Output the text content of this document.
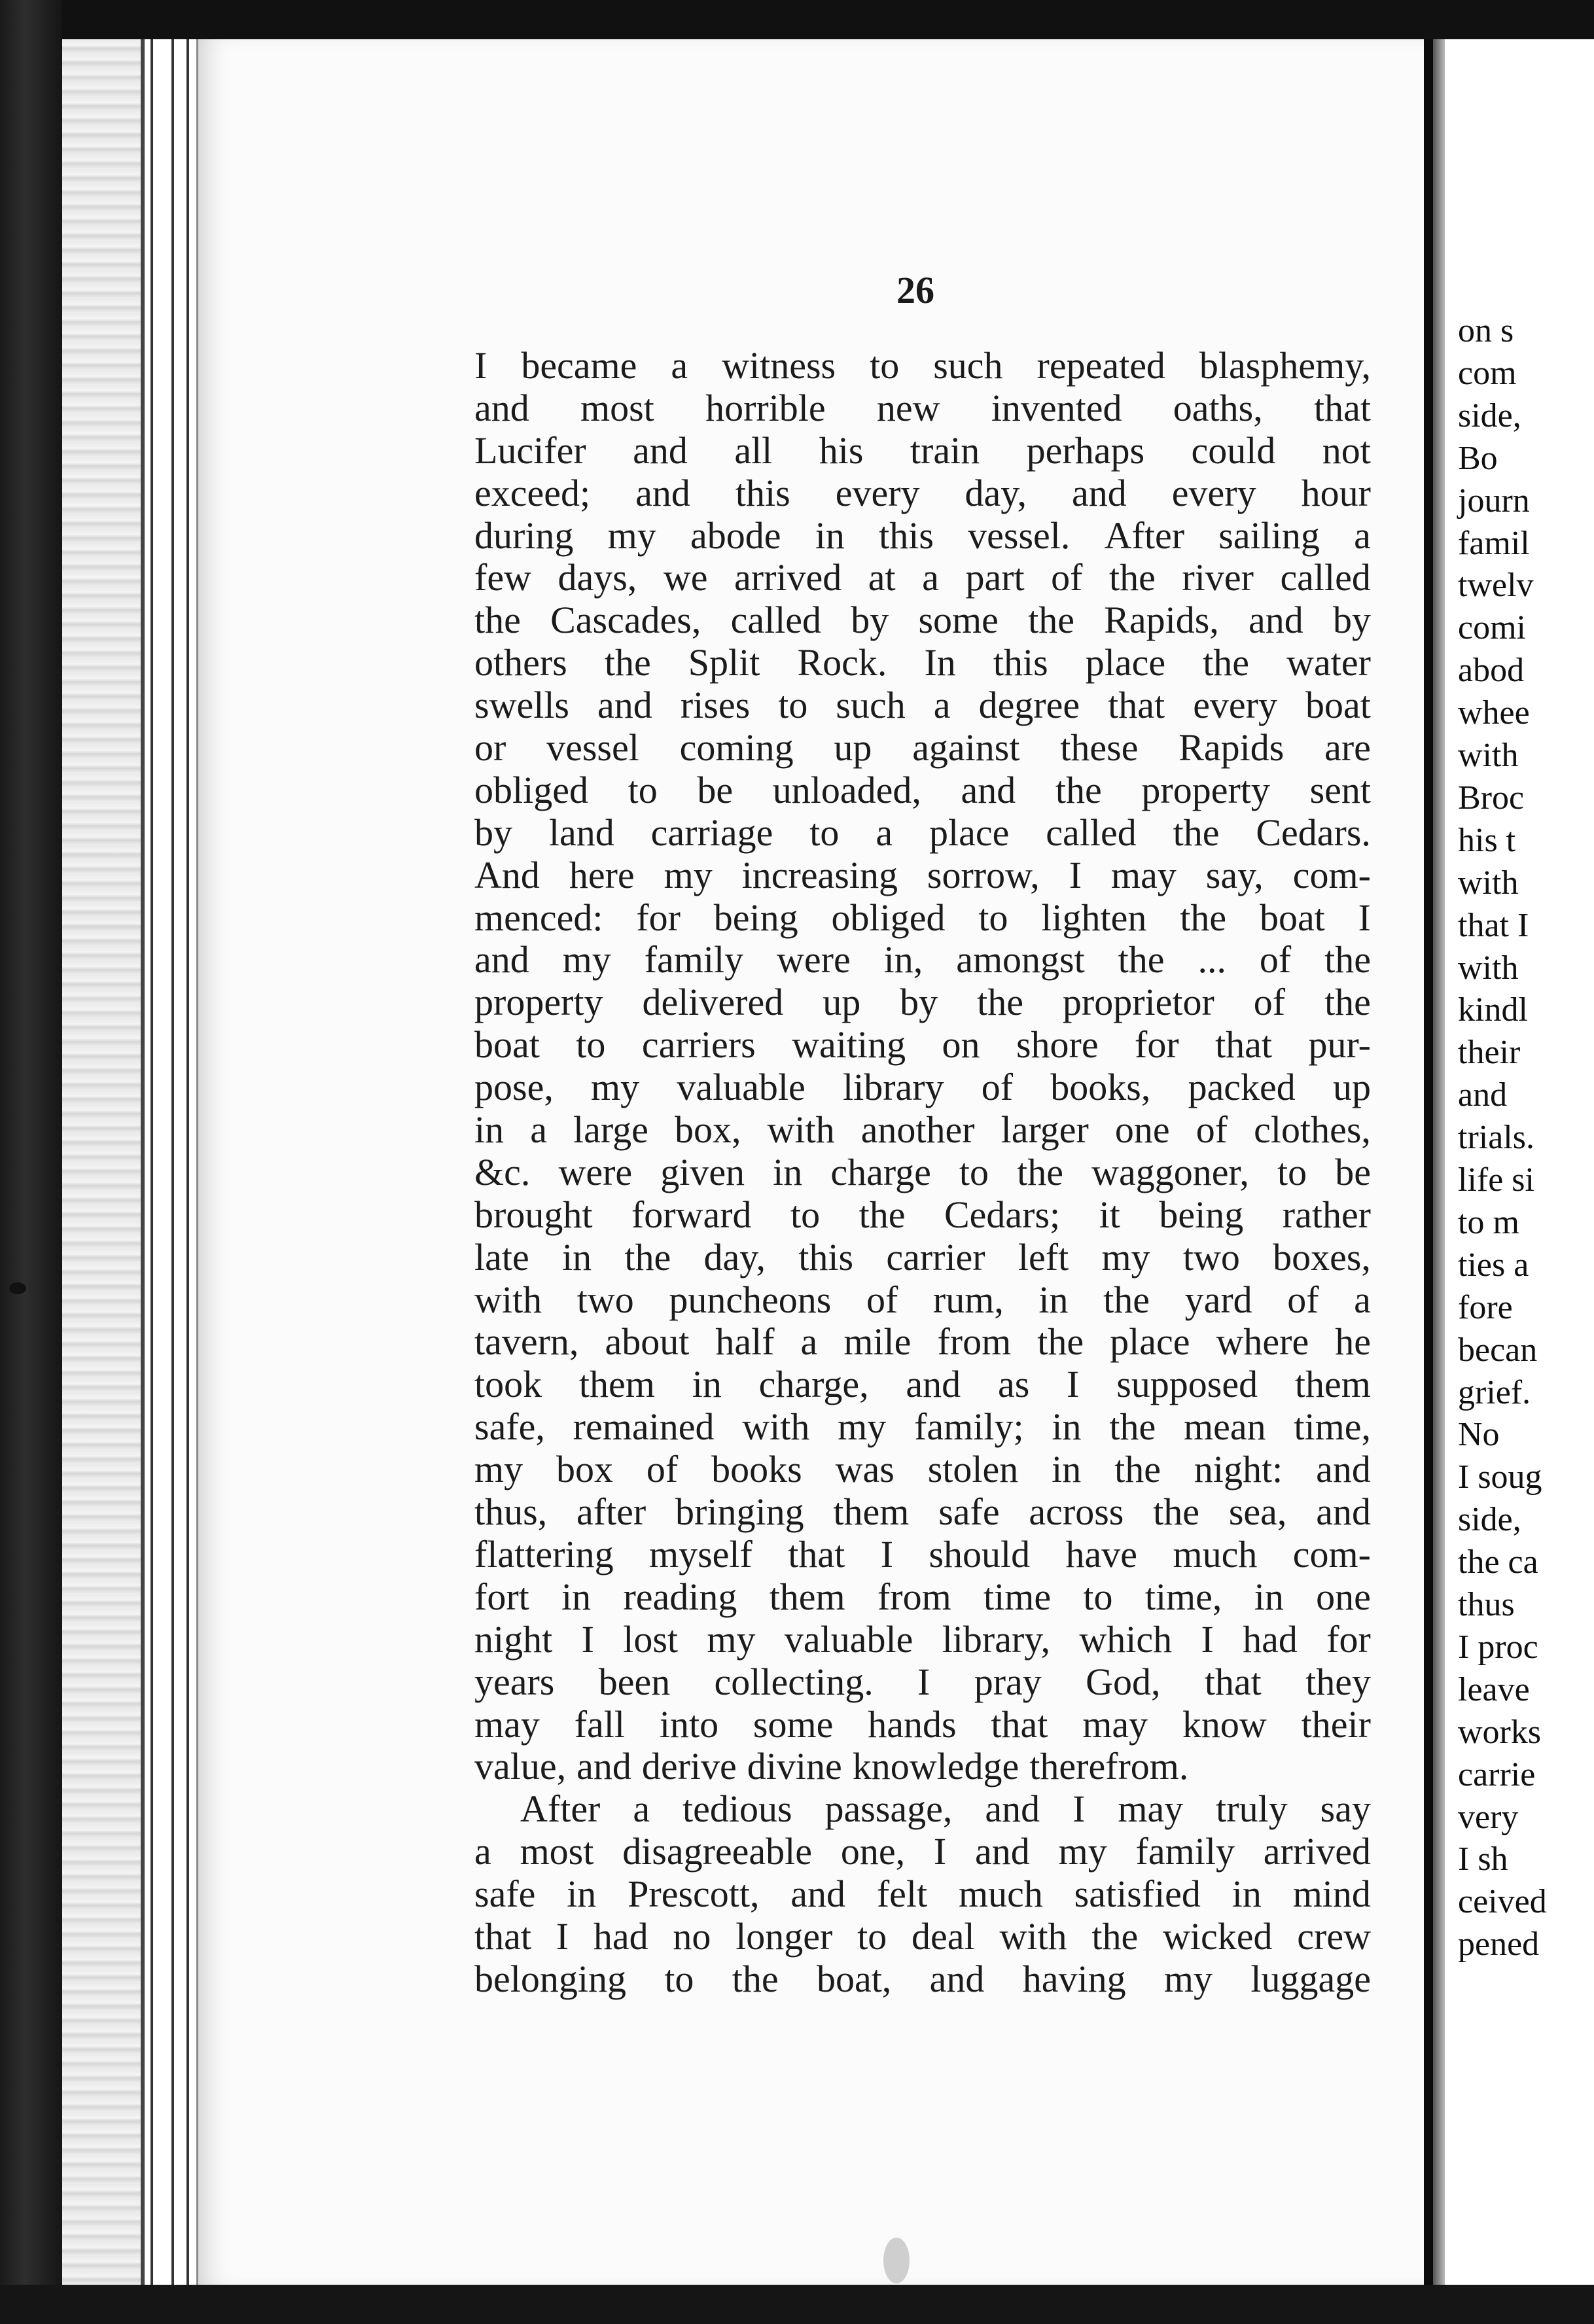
26
I became a witness to such repeated blasphemy,
and most horrible new invented oaths, that
Lucifer and all his train perhaps could not
exceed; and this every day, and every hour
during my abode in this vessel. After sailing a
few days, we arrived at a part of the river called
the Cascades, called by some the Rapids, and by
others the Split Rock. In this place the water
swells and rises to such a degree that every boat
or vessel coming up against these Rapids are
obliged to be unloaded, and the property sent
by land carriage to a place called the Cedars.
And here my increasing sorrow, I may say, com-
menced: for being obliged to lighten the boat I
and my family were in, amongst the ... of the
property delivered up by the proprietor of the
boat to carriers waiting on shore for that pur-
pose, my valuable library of books, packed up
in a large box, with another larger one of clothes,
&c. were given in charge to the waggoner, to be
brought forward to the Cedars; it being rather
late in the day, this carrier left my two boxes,
with two puncheons of rum, in the yard of a
tavern, about half a mile from the place where he
took them in charge, and as I supposed them
safe, remained with my family; in the mean time,
my box of books was stolen in the night: and
thus, after bringing them safe across the sea, and
flattering myself that I should have much com-
fort in reading them from time to time, in one
night I lost my valuable library, which I had for
years been collecting. I pray God, that they
may fall into some hands that may know their
value, and derive divine knowledge therefrom.
After a tedious passage, and I may truly say
a most disagreeable one, I and my family arrived
safe in Prescott, and felt much satisfied in mind
that I had no longer to deal with the wicked crew
belonging to the boat, and having my luggage
on s
com
side,
Bo
journ
famil
twelv
comi
abod
whee
with
Broc
his t
with
that I
with
kindl
their
and
trials.
life si
to m
ties a
fore
becan
grief.
No
I soug
side,
the ca
thus
I proc
leave
works
carrie
very
I sh
ceived
pened
